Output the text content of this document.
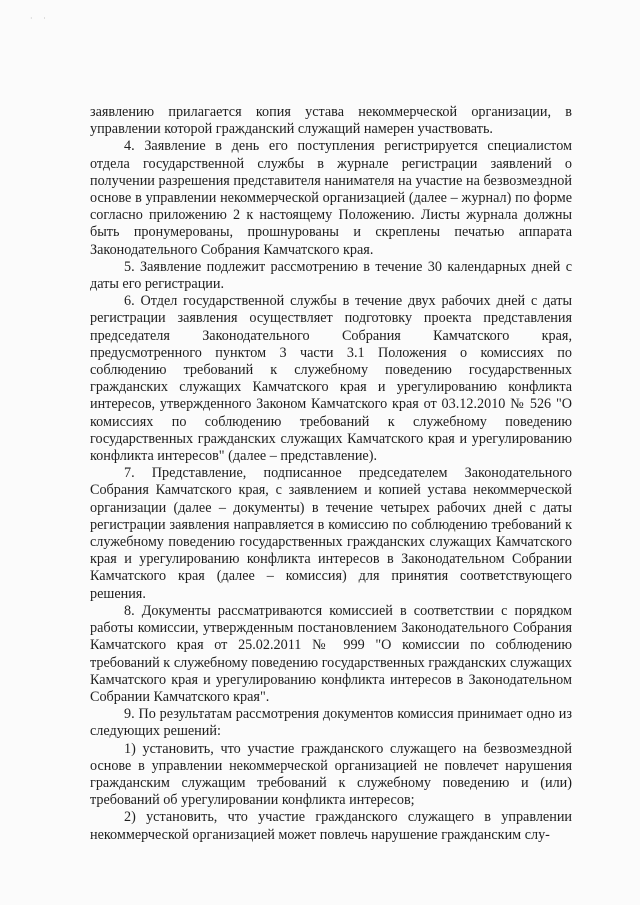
· ·

заявлению прилагается копия устава некоммерческой организации, в управлении которой гражданский служащий намерен участвовать.

4. Заявление в день его поступления регистрируется специалистом отдела государственной службы в журнале регистрации заявлений о получении разрешения представителя нанимателя на участие на безвозмездной основе в управлении некоммерческой организацией (далее – журнал) по форме согласно приложению 2 к настоящему Положению. Листы журнала должны быть пронумерованы, прошнурованы и скреплены печатью аппарата Законодательного Собрания Камчатского края.

5. Заявление подлежит рассмотрению в течение 30 календарных дней с даты его регистрации.

6. Отдел государственной службы в течение двух рабочих дней с даты регистрации заявления осуществляет подготовку проекта представления председателя Законодательного Собрания Камчатского края, предусмотренного пунктом 3 части 3.1 Положения о комиссиях по соблюдению требований к служебному поведению государственных гражданских служащих Камчатского края и урегулированию конфликта интересов, утвержденного Законом Камчатского края от 03.12.2010 № 526 "О комиссиях по соблюдению требований к служебному поведению государственных гражданских служащих Камчатского края и урегулированию конфликта интересов" (далее – представление).

7. Представление, подписанное председателем Законодательного Собрания Камчатского края, с заявлением и копией устава некоммерческой организации (далее – документы) в течение четырех рабочих дней с даты регистрации заявления направляется в комиссию по соблюдению требований к служебному поведению государственных гражданских служащих Камчатского края и урегулированию конфликта интересов в Законодательном Собрании Камчатского края (далее – комиссия) для принятия соответствующего решения.

8. Документы рассматриваются комиссией в соответствии с порядком работы комиссии, утвержденным постановлением Законодательного Собрания Камчатского края от 25.02.2011 № 999 "О комиссии по соблюдению требований к служебному поведению государственных гражданских служащих Камчатского края и урегулированию конфликта интересов в Законодательном Собрании Камчатского края".

9. По результатам рассмотрения документов комиссия принимает одно из следующих решений:

1) установить, что участие гражданского служащего на безвозмездной основе в управлении некоммерческой организацией не повлечет нарушения гражданским служащим требований к служебному поведению и (или) требований об урегулировании конфликта интересов;

2) установить, что участие гражданского служащего в управлении некоммерческой организацией может повлечь нарушение гражданским слу-
